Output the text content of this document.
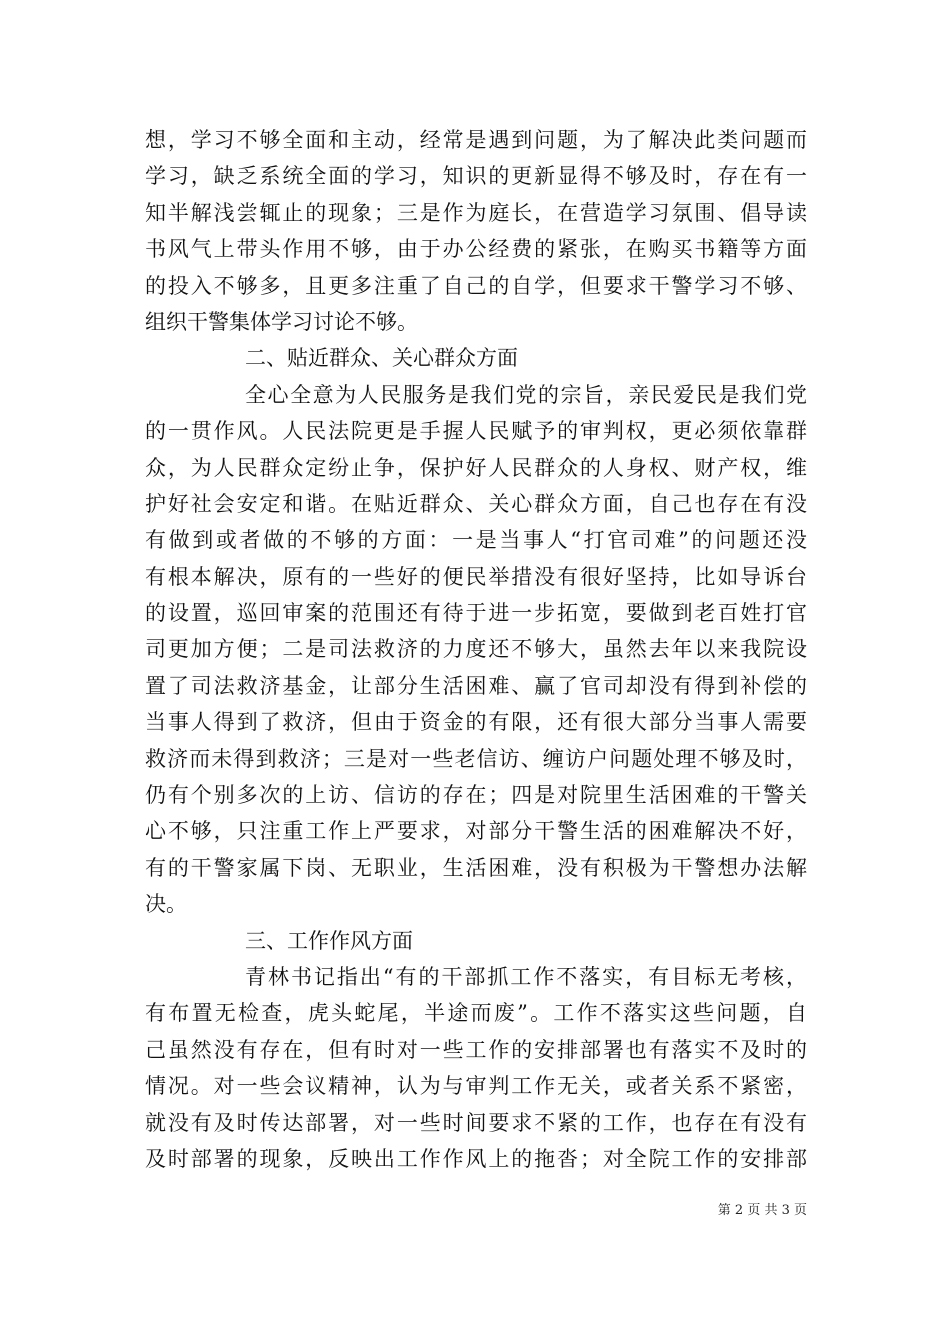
想，学习不够全面和主动，经常是遇到问题，为了解决此类问题而
学习，缺乏系统全面的学习，知识的更新显得不够及时，存在有一
知半解浅尝辄止的现象；三是作为庭长，在营造学习氛围、倡导读
书风气上带头作用不够，由于办公经费的紧张，在购买书籍等方面
的投入不够多，且更多注重了自己的自学，但要求干警学习不够、
组织干警集体学习讨论不够。
二、贴近群众、关心群众方面
全心全意为人民服务是我们党的宗旨，亲民爱民是我们党
的一贯作风。人民法院更是手握人民赋予的审判权，更必须依靠群
众，为人民群众定纷止争，保护好人民群众的人身权、财产权，维
护好社会安定和谐。在贴近群众、关心群众方面，自己也存在有没
有做到或者做的不够的方面：一是当事人“打官司难”的问题还没
有根本解决，原有的一些好的便民举措没有很好坚持，比如导诉台
的设置，巡回审案的范围还有待于进一步拓宽，要做到老百姓打官
司更加方便；二是司法救济的力度还不够大，虽然去年以来我院设
置了司法救济基金，让部分生活困难、赢了官司却没有得到补偿的
当事人得到了救济，但由于资金的有限，还有很大部分当事人需要
救济而未得到救济；三是对一些老信访、缠访户问题处理不够及时，
仍有个别多次的上访、信访的存在；四是对院里生活困难的干警关
心不够，只注重工作上严要求，对部分干警生活的困难解决不好，
有的干警家属下岗、无职业，生活困难，没有积极为干警想办法解
决。
三、工作作风方面
青林书记指出“有的干部抓工作不落实，有目标无考核，
有布置无检查，虎头蛇尾，半途而废”。工作不落实这些问题，自
己虽然没有存在，但有时对一些工作的安排部署也有落实不及时的
情况。对一些会议精神，认为与审判工作无关，或者关系不紧密，
就没有及时传达部署，对一些时间要求不紧的工作，也存在有没有
及时部署的现象，反映出工作作风上的拖沓；对全院工作的安排部
第 2 页 共 3 页
